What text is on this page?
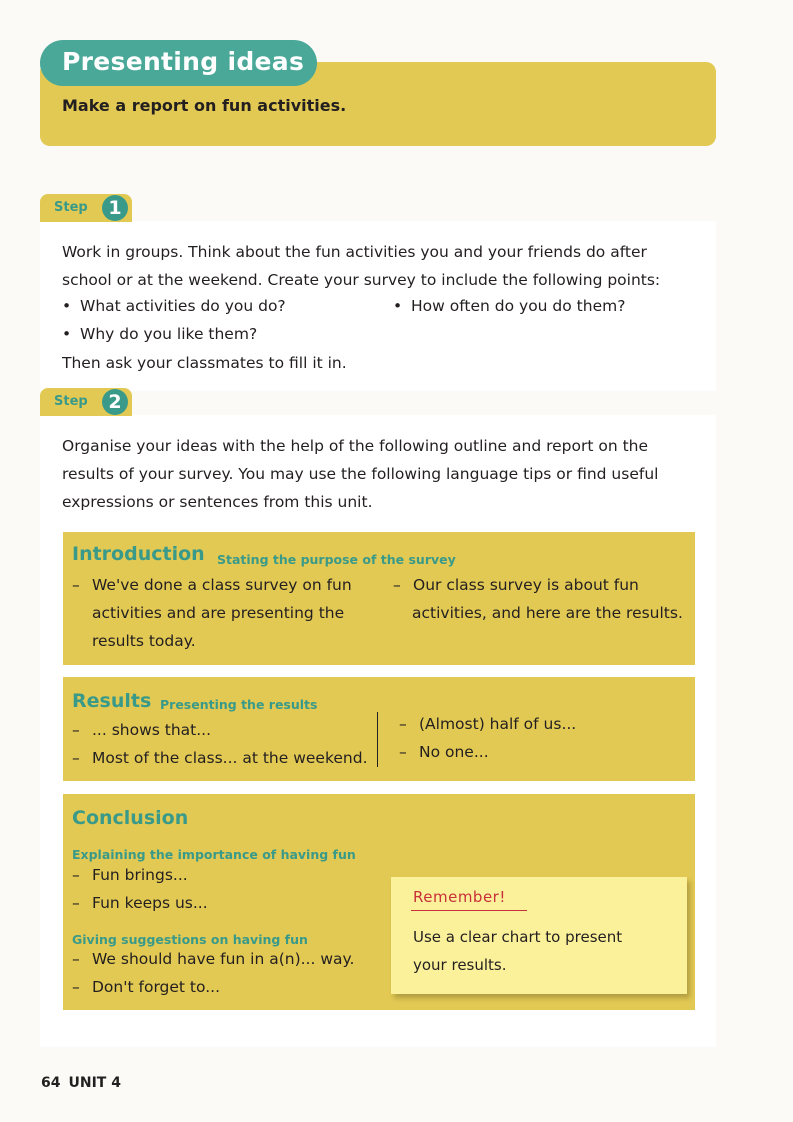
Presenting ideas
Make a report on fun activities.
Step	1
Work in groups. Think about the fun activities you and your friends do after
school or at the weekend. Create your survey to include the following points:
• What activities do you do?	• How often do you do them?
• Why do you like them?
Then ask your classmates to fill it in.
Step	2
Organise your ideas with the help of the following outline and report on the
results of your survey. You may use the following language tips or find useful
expressions or sentences from this unit.
Introduction Stating the purpose of the survey
– We've done a class survey on fun
activities and are presenting the
results today.
– Our class survey is about fun
activities, and here are the results.
Results Presenting the results
– ... shows that...
– Most of the class... at the weekend.
– (Almost) half of us...
– No one...
Conclusion
Explaining the importance of having fun
– Fun brings...
– Fun keeps us...
Giving suggestions on having fun
– We should have fun in a(n)... way.
– Don't forget to...
Remember!
Use a clear chart to present
your results.
64 UNIT 4
